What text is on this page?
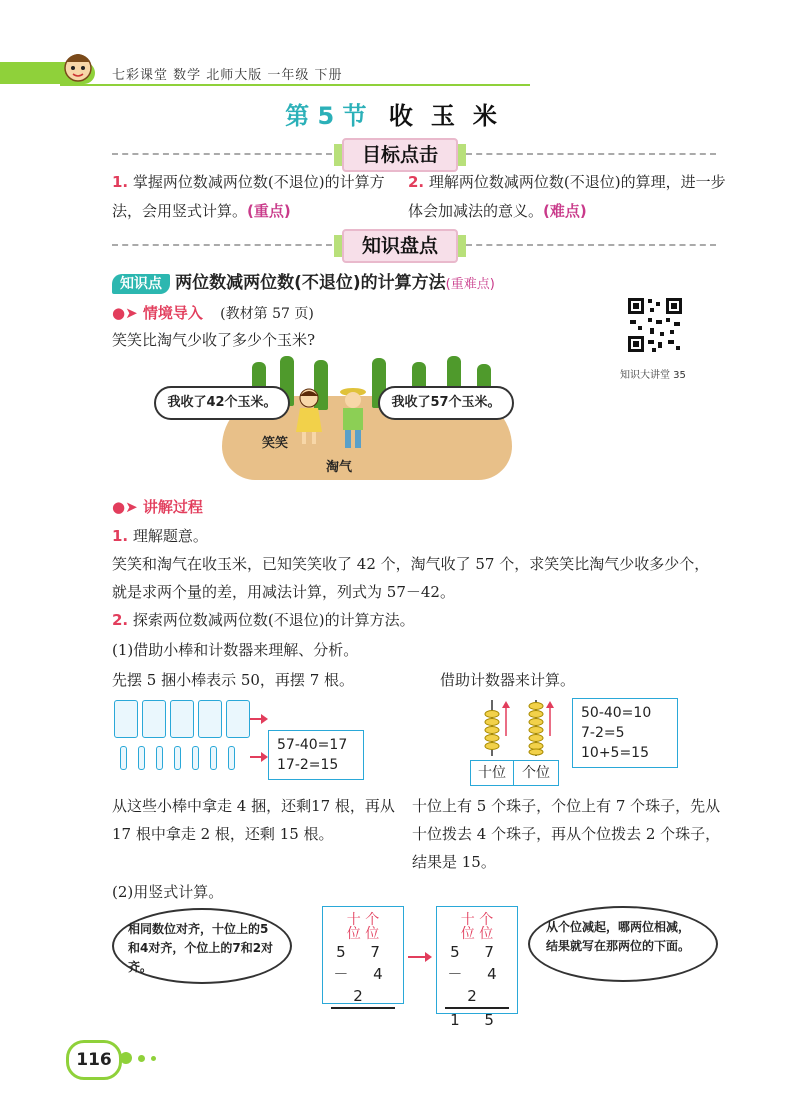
七彩课堂 数学 北师大版 一年级 下册
第 5 节 收玉米
目标点击
1. 掌握两位数减两位数(不退位)的计算方法，会用竖式计算。(重点)
2. 理解两位数减两位数(不退位)的算理，进一步体会加减法的意义。(难点)
知识盘点
知识点 两位数减两位数(不退位)的计算方法(重难点)
●➤ 情境导入 (教材第 57 页)
笑笑比淘气少收了多少个玉米?
知识大讲堂 35
笑笑
淘气
我收了42个玉米。	我收了57个玉米。
●➤ 讲解过程
1. 理解题意。
笑笑和淘气在收玉米，已知笑笑收了 42 个，淘气收了 57 个，求笑笑比淘气少收多少个，就是求两个量的差，用减法计算，列式为 57－42。
2. 探索两位数减两位数(不退位)的计算方法。
(1)借助小棒和计数器来理解、分析。
先摆 5 捆小棒表示 50，再摆 7 根。	借助计数器来计算。
57-40=17
17-2=15	十位	个位
50-40=10
7-2=5
10+5=15
从这些小棒中拿走 4 捆，还剩17 根，再从 17 根中拿走 2 根，还剩 15 根。
十位上有 5 个珠子，个位上有 7 个珠子，先从十位拨去 4 个珠子，再从个位拨去 2 个珠子，结果是 15。
(2)用竖式计算。
相同数位对齐，十位上的5和4对齐，个位上的7和2对齐。
十 个
位 位
5 7
－ 4 2
十 个
位 位
5 7
－ 4 2
1 5
从个位减起，哪两位相减，结果就写在那两位的下面。
116
